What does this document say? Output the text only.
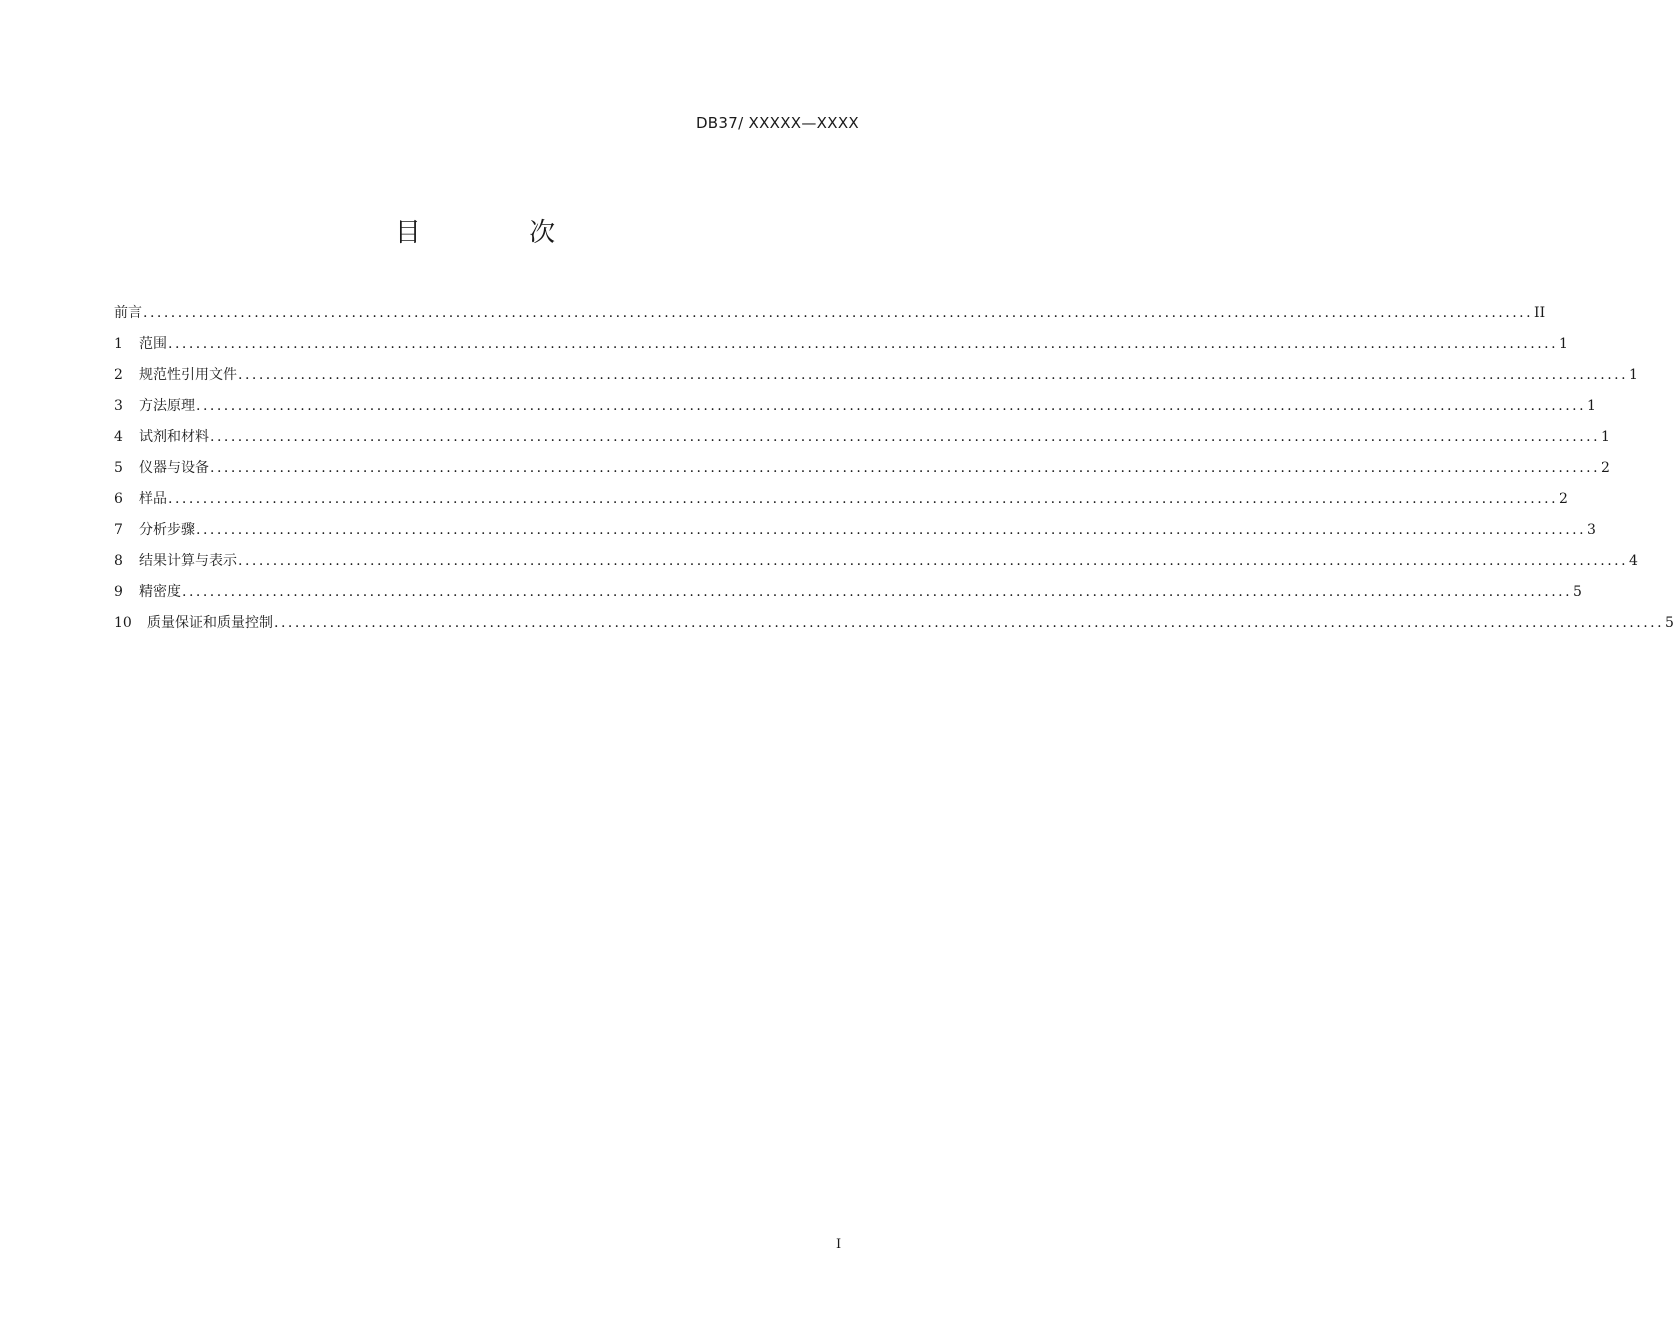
DB37/ XXXXX—XXXX
目 次
前言 ........................................................................................................................................................................................................ II
1	范围 ........................................................................................................................................................................................................ 1
2	规范性引用文件 ........................................................................................................................................................................................................ 1
3	方法原理 ........................................................................................................................................................................................................ 1
4	试剂和材料 ........................................................................................................................................................................................................ 1
5	仪器与设备 ........................................................................................................................................................................................................ 2
6	样品 ........................................................................................................................................................................................................ 2
7	分析步骤 ........................................................................................................................................................................................................ 3
8	结果计算与表示 ........................................................................................................................................................................................................ 4
9	精密度 ........................................................................................................................................................................................................ 5
10	质量保证和质量控制 ........................................................................................................................................................................................................ 5
I
